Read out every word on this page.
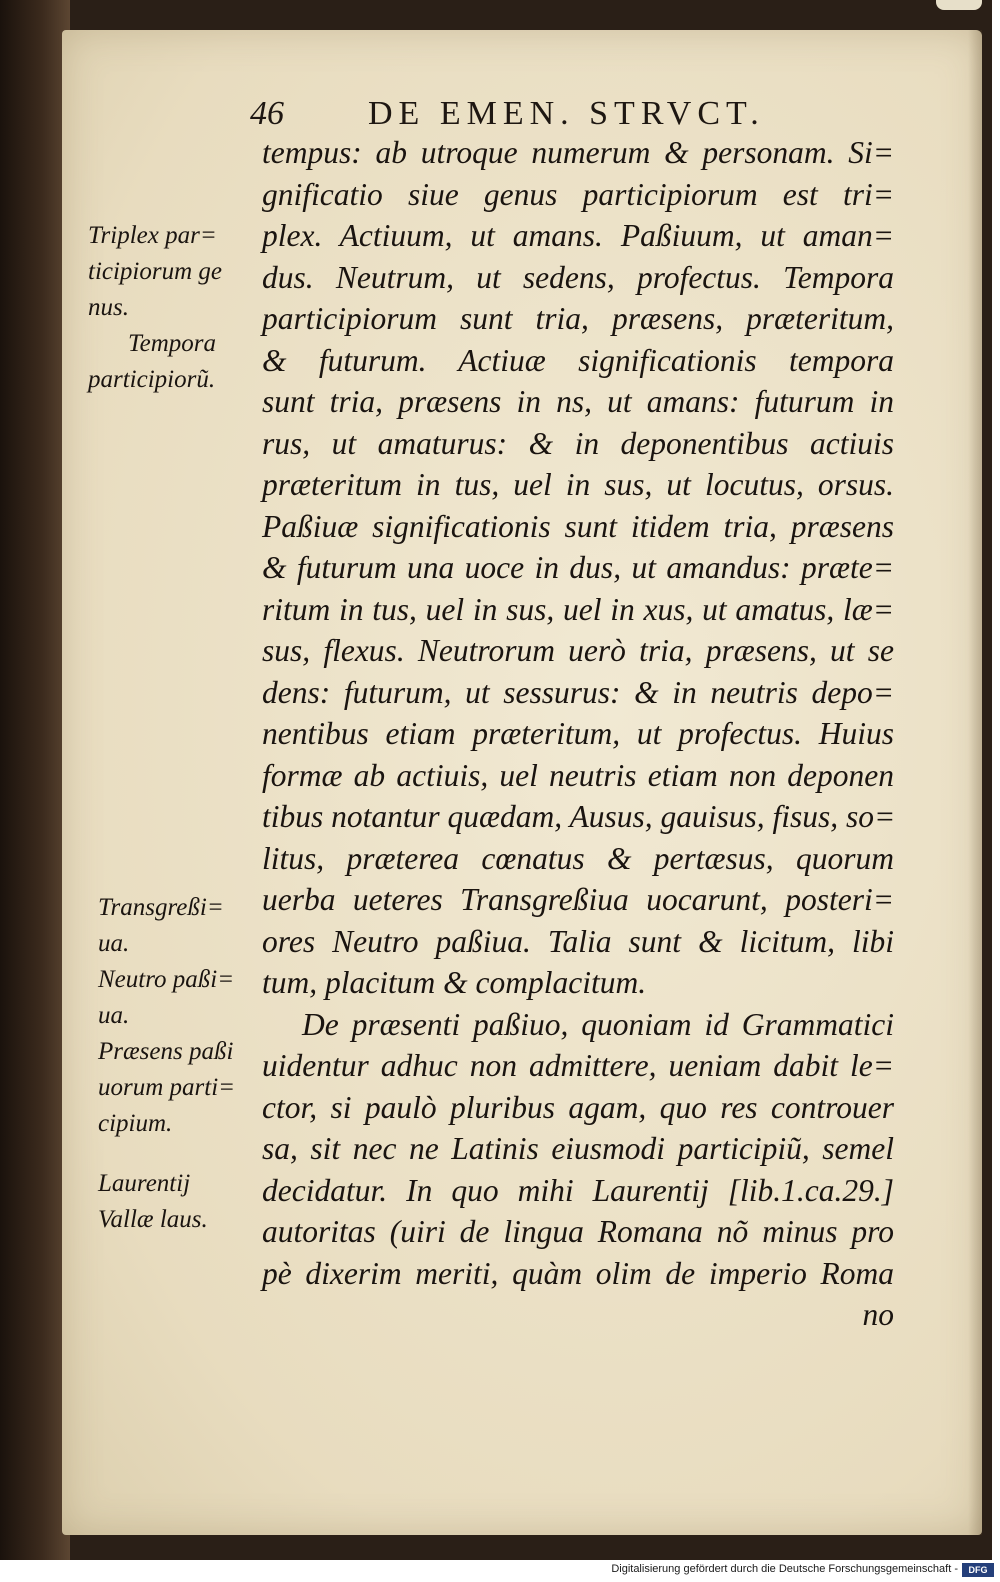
46 DE EMEN. STRVCT.
Triplex par=
ticipiorum ge
nus.
Tempora
participiorũ.
Transgreßi=
ua.
Neutro paßi=
ua.
Præsens paßi
uorum parti=
cipium.
Laurentij
Vallæ laus.
tempus: ab utroque numerum & personam. Si=
gnificatio siue genus participiorum est tri=
plex. Actiuum, ut amans. Paßiuum, ut aman=
dus. Neutrum, ut sedens, profectus. Tempora
participiorum sunt tria, præsens, præteritum,
& futurum. Actiuæ significationis tempora
sunt tria, præsens in ns, ut amans: futurum in
rus, ut amaturus: & in deponentibus actiuis
præteritum in tus, uel in sus, ut locutus, orsus.
Paßiuæ significationis sunt itidem tria, præsens
& futurum una uoce in dus, ut amandus: præte=
ritum in tus, uel in sus, uel in xus, ut amatus, læ=
sus, flexus. Neutrorum uerò tria, præsens, ut se
dens: futurum, ut sessurus: & in neutris depo=
nentibus etiam præteritum, ut profectus. Huius
formæ ab actiuis, uel neutris etiam non deponen
tibus notantur quædam, Ausus, gauisus, fisus, so=
litus, præterea cœnatus & pertæsus, quorum
uerba ueteres Transgreßiua uocarunt, posteri=
ores Neutro paßiua. Talia sunt & licitum, libi
tum, placitum & complacitum.
De præsenti paßiuo, quoniam id Grammatici
uidentur adhuc non admittere, ueniam dabit le=
ctor, si paulò pluribus agam, quo res controuer
sa, sit nec ne Latinis eiusmodi participiũ, semel
decidatur. In quo mihi Laurentij [lib.1.ca.29.]
autoritas (uiri de lingua Romana nõ minus pro
pè dixerim meriti, quàm olim de imperio Roma
no
Digitalisierung gefördert durch die Deutsche Forschungsgemeinschaft -	DFG
